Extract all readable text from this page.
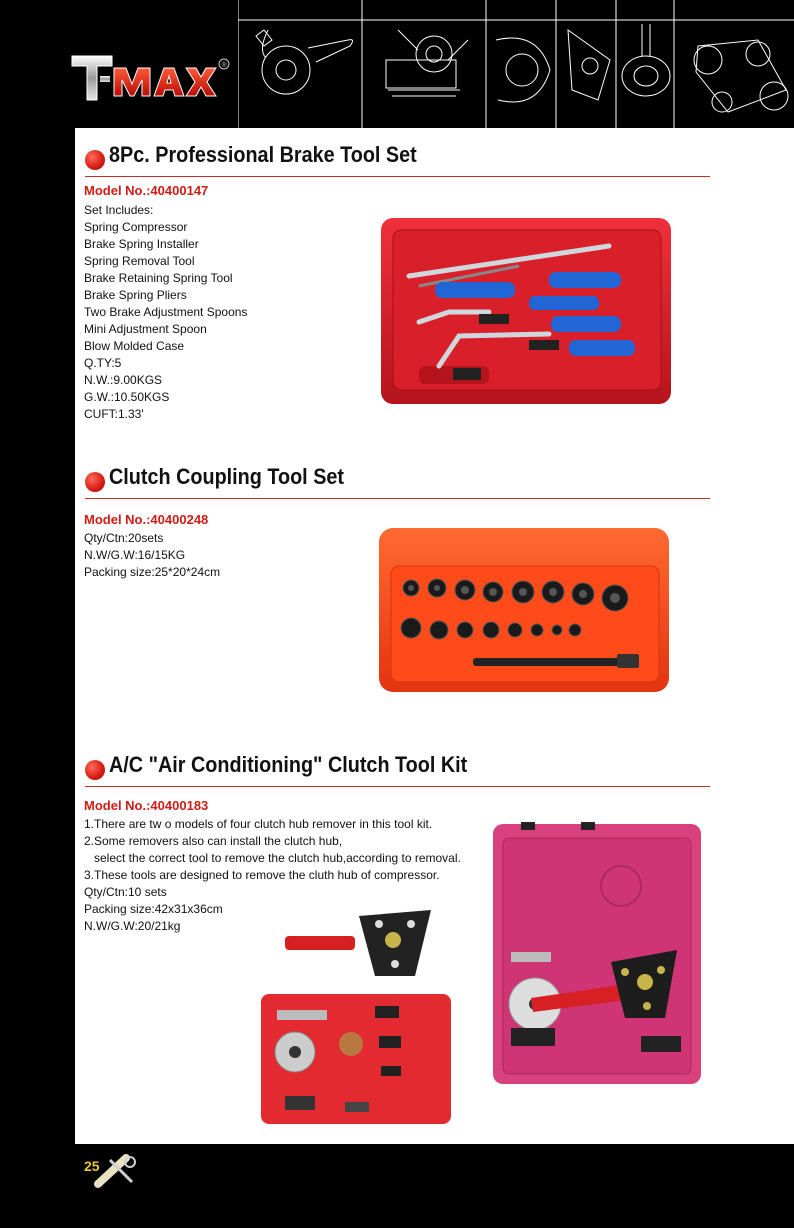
®
8Pc. Professional Brake Tool Set
Model No.:40400147
Set Includes:
Spring Compressor
Brake Spring Installer
Spring Removal Tool
Brake Retaining Spring Tool
Brake Spring Pliers
Two Brake Adjustment Spoons
Mini Adjustment Spoon
Blow Molded Case
Q.TY:5
N.W.:9.00KGS
G.W.:10.50KGS
CUFT:1.33'
Clutch Coupling Tool Set
Model No.:40400248
Qty/Ctn:20sets
N.W/G.W:16/15KG
Packing size:25*20*24cm
A/C "Air Conditioning" Clutch Tool Kit
Model No.:40400183
1.There are tw o models of four clutch hub remover in this tool kit.
2.Some removers also can install the clutch hub,
select the correct tool to remove the clutch hub,according to removal.
3.These tools are designed to remove the cluth hub of compressor.
Qty/Ctn:10 sets
Packing size:42x31x36cm
N.W/G.W:20/21kg
25
